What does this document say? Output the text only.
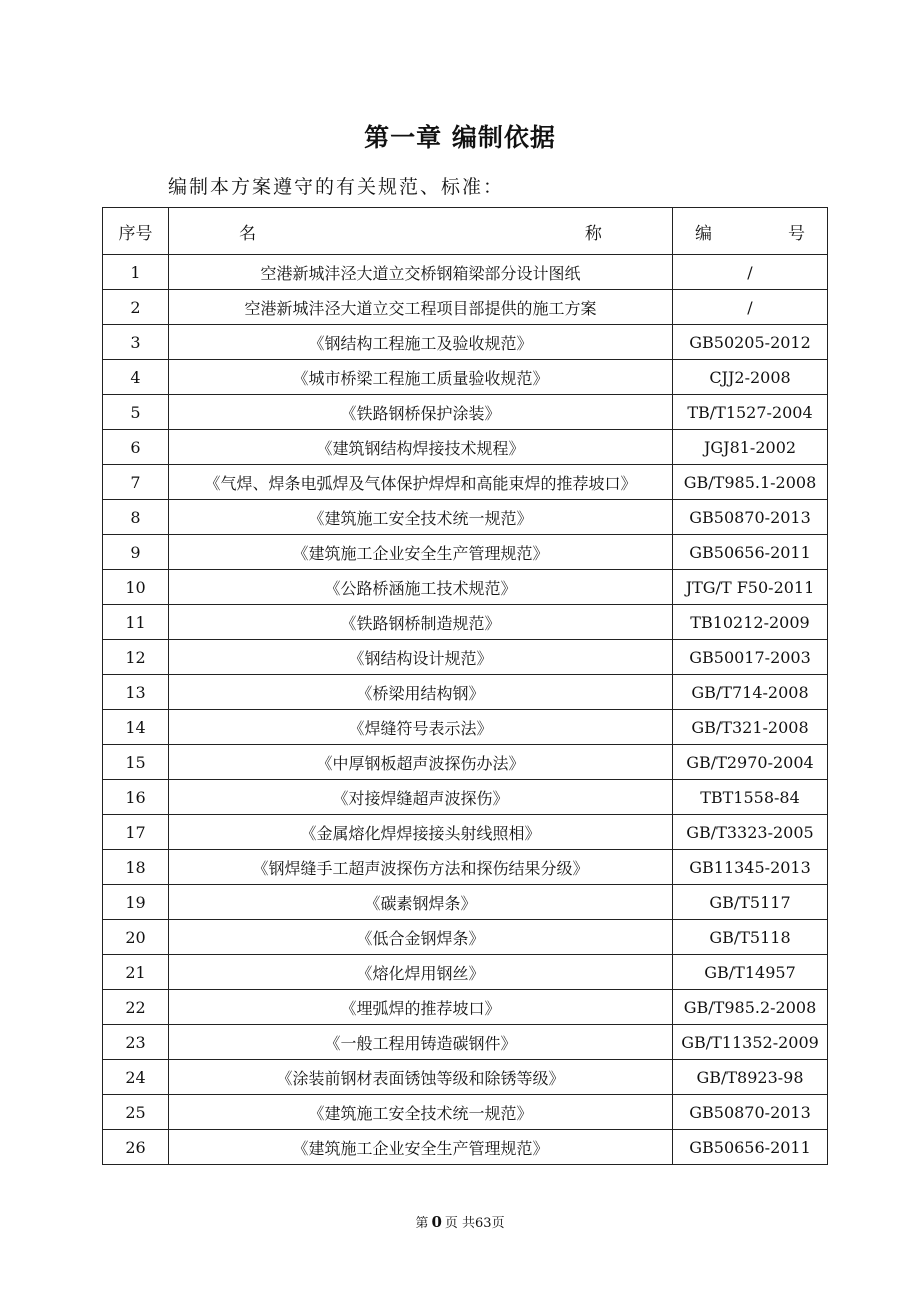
第一章 编制依据
编制本方案遵守的有关规范、标准：
序号	名 称	编 号

1	空港新城沣泾大道立交桥钢箱梁部分设计图纸	/
2	空港新城沣泾大道立交工程项目部提供的施工方案	/
3	《钢结构工程施工及验收规范》	GB50205-2012
4	《城市桥梁工程施工质量验收规范》	CJJ2-2008
5	《铁路钢桥保护涂装》	TB/T1527-2004
6	《建筑钢结构焊接技术规程》	JGJ81-2002
7	《气焊、焊条电弧焊及气体保护焊焊和高能束焊的推荐坡口》	GB/T985.1-2008
8	《建筑施工安全技术统一规范》	GB50870-2013
9	《建筑施工企业安全生产管理规范》	GB50656-2011
10	《公路桥涵施工技术规范》	JTG/T F50-2011
11	《铁路钢桥制造规范》	TB10212-2009
12	《钢结构设计规范》	GB50017-2003
13	《桥梁用结构钢》	GB/T714-2008
14	《焊缝符号表示法》	GB/T321-2008
15	《中厚钢板超声波探伤办法》	GB/T2970-2004
16	《对接焊缝超声波探伤》	TBT1558-84
17	《金属熔化焊焊接接头射线照相》	GB/T3323-2005
18	《钢焊缝手工超声波探伤方法和探伤结果分级》	GB11345-2013
19	《碳素钢焊条》	GB/T5117
20	《低合金钢焊条》	GB/T5118
21	《熔化焊用钢丝》	GB/T14957
22	《埋弧焊的推荐坡口》	GB/T985.2-2008
23	《一般工程用铸造碳钢件》	GB/T11352-2009
24	《涂装前钢材表面锈蚀等级和除锈等级》	GB/T8923-98
25	《建筑施工安全技术统一规范》	GB50870-2013
26	《建筑施工企业安全生产管理规范》	GB50656-2011
第 0 页 共63页
